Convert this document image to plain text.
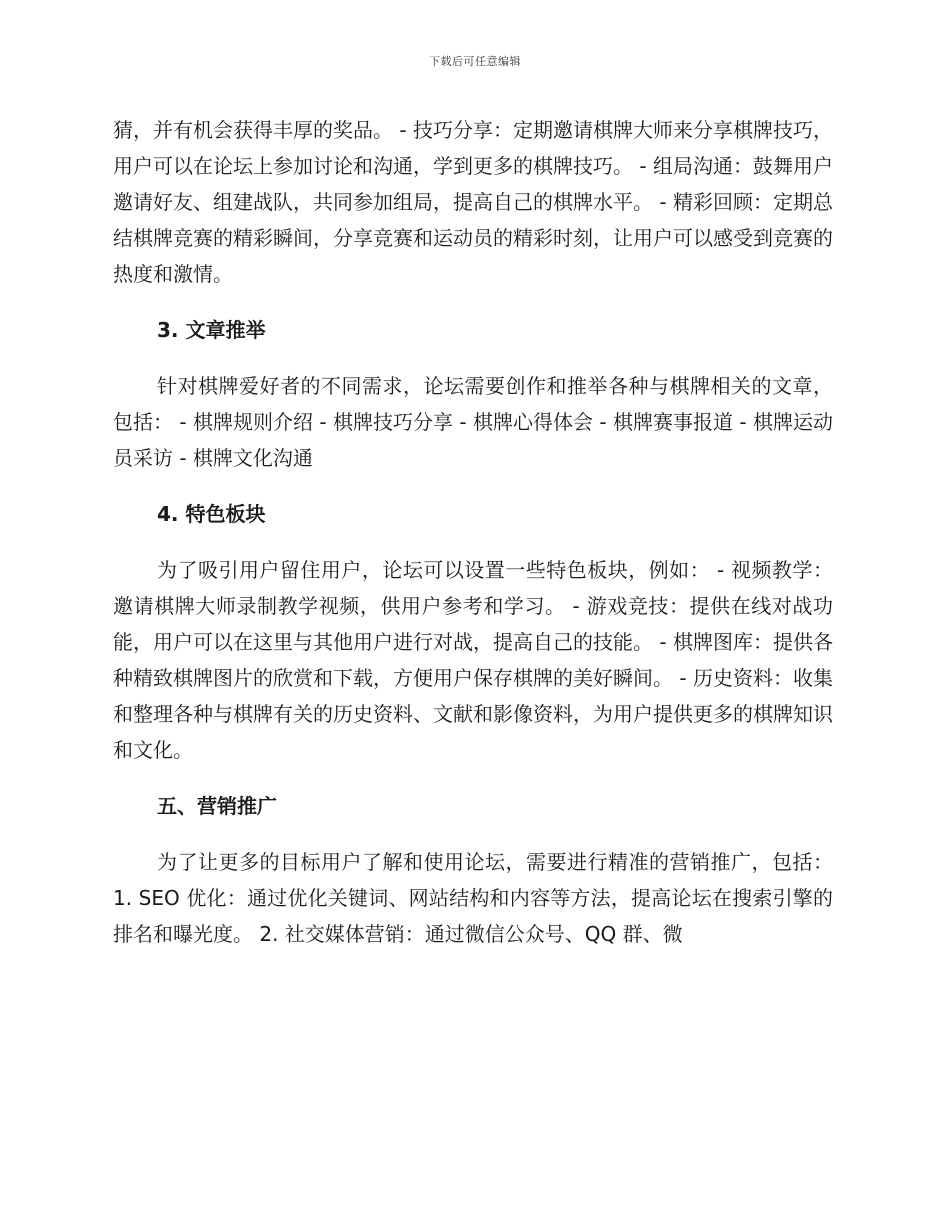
下载后可任意编辑

猜，并有机会获得丰厚的奖品。 - 技巧分享：定期邀请棋牌大师来分享棋牌技巧，用户可以在论坛上参加讨论和沟通，学到更多的棋牌技巧。 - 组局沟通：鼓舞用户邀请好友、组建战队，共同参加组局，提高自己的棋牌水平。 - 精彩回顾：定期总结棋牌竞赛的精彩瞬间，分享竞赛和运动员的精彩时刻，让用户可以感受到竞赛的热度和激情。

3. 文章推举

针对棋牌爱好者的不同需求，论坛需要创作和推举各种与棋牌相关的文章，包括： - 棋牌规则介绍 - 棋牌技巧分享 - 棋牌心得体会 - 棋牌赛事报道 - 棋牌运动员采访 - 棋牌文化沟通

4. 特色板块

为了吸引用户留住用户，论坛可以设置一些特色板块，例如： - 视频教学：邀请棋牌大师录制教学视频，供用户参考和学习。 - 游戏竞技：提供在线对战功能，用户可以在这里与其他用户进行对战，提高自己的技能。 - 棋牌图库：提供各种精致棋牌图片的欣赏和下载，方便用户保存棋牌的美好瞬间。 - 历史资料：收集和整理各种与棋牌有关的历史资料、文献和影像资料，为用户提供更多的棋牌知识和文化。

五、营销推广

为了让更多的目标用户了解和使用论坛，需要进行精准的营销推广，包括： 1. SEO 优化：通过优化关键词、网站结构和内容等方法，提高论坛在搜索引擎的排名和曝光度。 2. 社交媒体营销：通过微信公众号、QQ 群、微
